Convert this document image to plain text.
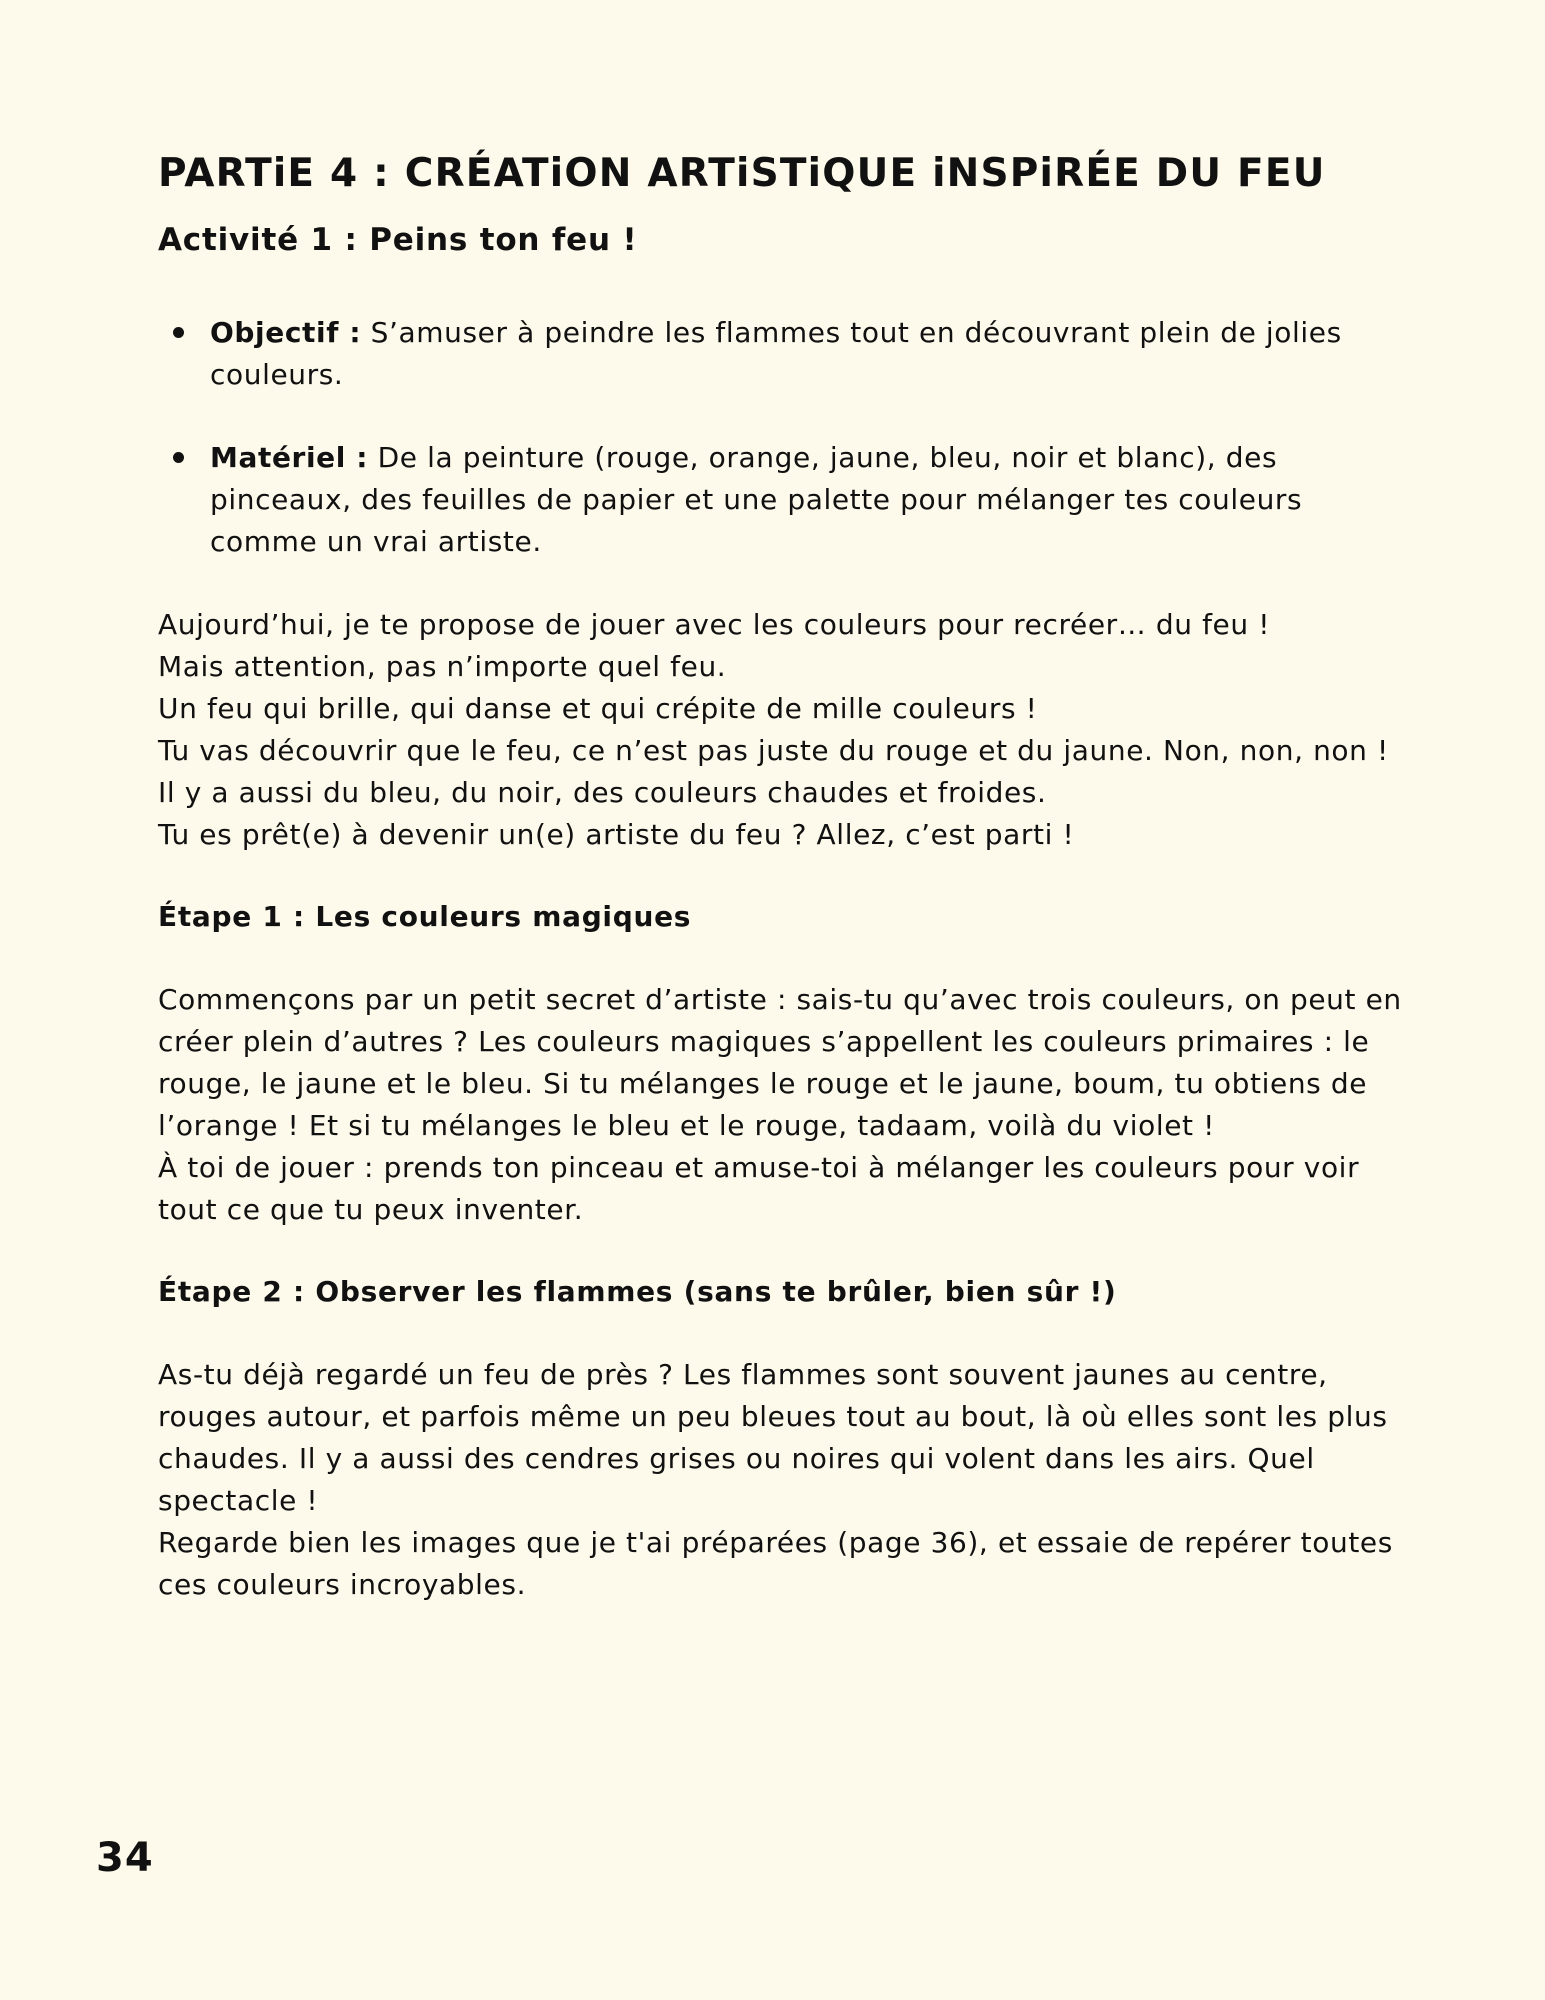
PARTiE 4 : CRÉATiON ARTiSTiQUE iNSPiRÉE DU FEU
Activité 1 : Peins ton feu !
Objectif : S’amuser à peindre les flammes tout en découvrant plein de jolies couleurs.
Matériel : De la peinture (rouge, orange, jaune, bleu, noir et blanc), des pinceaux, des feuilles de papier et une palette pour mélanger tes couleurs comme un vrai artiste.
Aujourd’hui, je te propose de jouer avec les couleurs pour recréer… du feu !
Mais attention, pas n’importe quel feu.
Un feu qui brille, qui danse et qui crépite de mille couleurs !
Tu vas découvrir que le feu, ce n’est pas juste du rouge et du jaune. Non, non, non ! Il y a aussi du bleu, du noir, des couleurs chaudes et froides.
Tu es prêt(e) à devenir un(e) artiste du feu ? Allez, c’est parti !
Étape 1 : Les couleurs magiques
Commençons par un petit secret d’artiste : sais-tu qu’avec trois couleurs, on peut en créer plein d’autres ? Les couleurs magiques s’appellent les couleurs primaires : le rouge, le jaune et le bleu. Si tu mélanges le rouge et le jaune, boum, tu obtiens de l’orange ! Et si tu mélanges le bleu et le rouge, tadaam, voilà du violet !
À toi de jouer : prends ton pinceau et amuse-toi à mélanger les couleurs pour voir tout ce que tu peux inventer.
Étape 2 : Observer les flammes (sans te brûler, bien sûr !)
As-tu déjà regardé un feu de près ? Les flammes sont souvent jaunes au centre, rouges autour, et parfois même un peu bleues tout au bout, là où elles sont les plus chaudes. Il y a aussi des cendres grises ou noires qui volent dans les airs. Quel spectacle !
Regarde bien les images que je t'ai préparées (page 36), et essaie de repérer toutes ces couleurs incroyables.
34
